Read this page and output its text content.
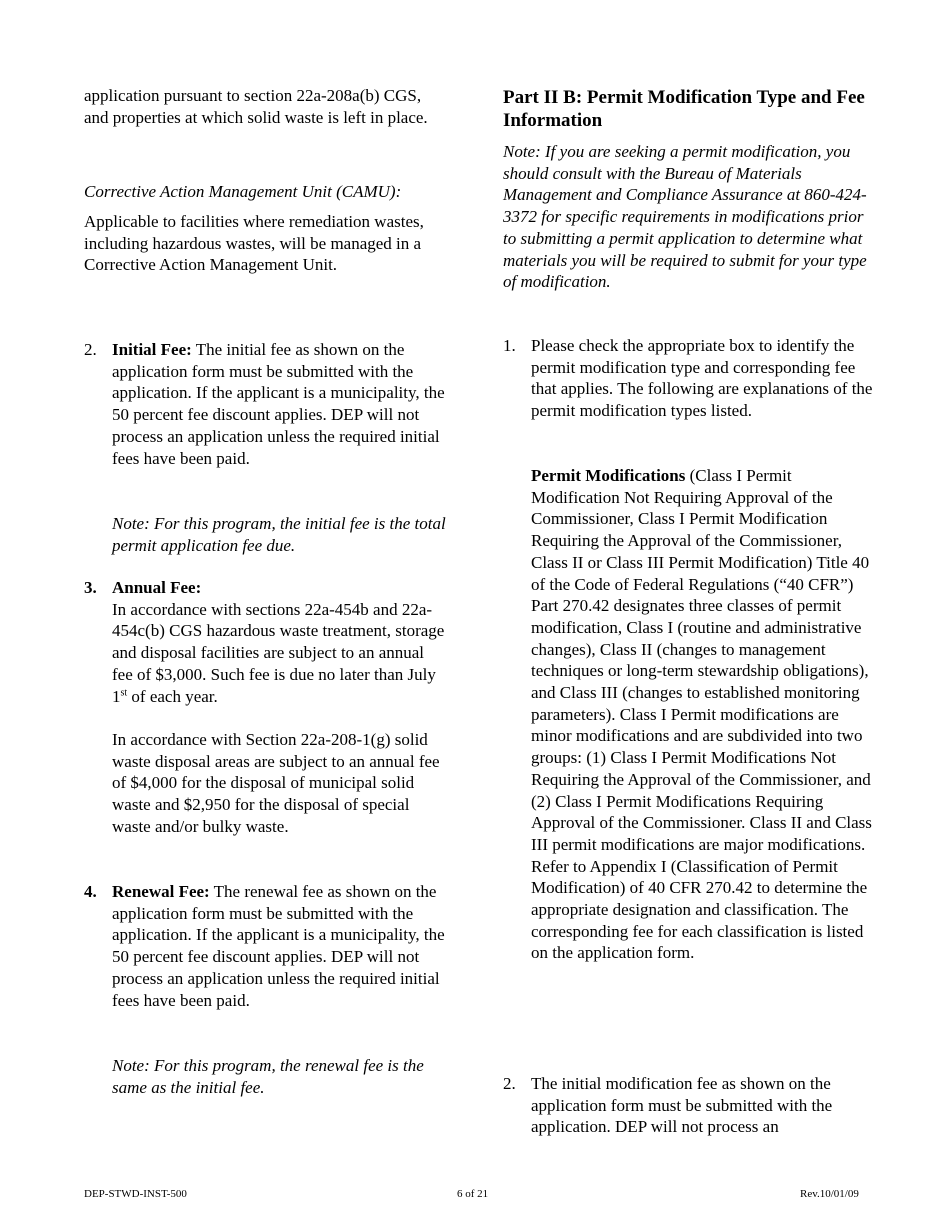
application pursuant to section 22a-208a(b) CGS, and properties at which solid waste is left in place.

Corrective Action Management Unit (CAMU):

Applicable to facilities where remediation wastes, including hazardous wastes, will be managed in a Corrective Action Management Unit.

2. Initial Fee: The initial fee as shown on the application form must be submitted with the application. If the applicant is a municipality, the 50 percent fee discount applies. DEP will not process an application unless the required initial fees have been paid.

Note: For this program, the initial fee is the total permit application fee due.

3. Annual Fee:

In accordance with sections 22a-454b and 22a-454c(b) CGS hazardous waste treatment, storage and disposal facilities are subject to an annual fee of $3,000. Such fee is due no later than July 1st of each year.

In accordance with Section 22a-208-1(g) solid waste disposal areas are subject to an annual fee of $4,000 for the disposal of municipal solid waste and $2,950 for the disposal of special waste and/or bulky waste.

4. Renewal Fee: The renewal fee as shown on the application form must be submitted with the application. If the applicant is a municipality, the 50 percent fee discount applies. DEP will not process an application unless the required initial fees have been paid.

Note: For this program, the renewal fee is the same as the initial fee.

Part II B: Permit Modification Type and Fee Information

Note: If you are seeking a permit modification, you should consult with the Bureau of Materials Management and Compliance Assurance at 860-424-3372 for specific requirements in modifications prior to submitting a permit application to determine what materials you will be required to submit for your type of modification.

1. Please check the appropriate box to identify the permit modification type and corresponding fee that applies. The following are explanations of the permit modification types listed.

Permit Modifications (Class I Permit Modification Not Requiring Approval of the Commissioner, Class I Permit Modification Requiring the Approval of the Commissioner, Class II or Class III Permit Modification) Title 40 of the Code of Federal Regulations (“40 CFR”) Part 270.42 designates three classes of permit modification, Class I (routine and administrative changes), Class II (changes to management techniques or long-term stewardship obligations), and Class III (changes to established monitoring parameters). Class I Permit modifications are minor modifications and are subdivided into two groups: (1) Class I Permit Modifications Not Requiring the Approval of the Commissioner, and (2) Class I Permit Modifications Requiring Approval of the Commissioner. Class II and Class III permit modifications are major modifications. Refer to Appendix I (Classification of Permit Modification) of 40 CFR 270.42 to determine the appropriate designation and classification. The corresponding fee for each classification is listed on the application form.

2. The initial modification fee as shown on the application form must be submitted with the application. DEP will not process an

DEP-STWD-INST-500	6 of 21	Rev.10/01/09
